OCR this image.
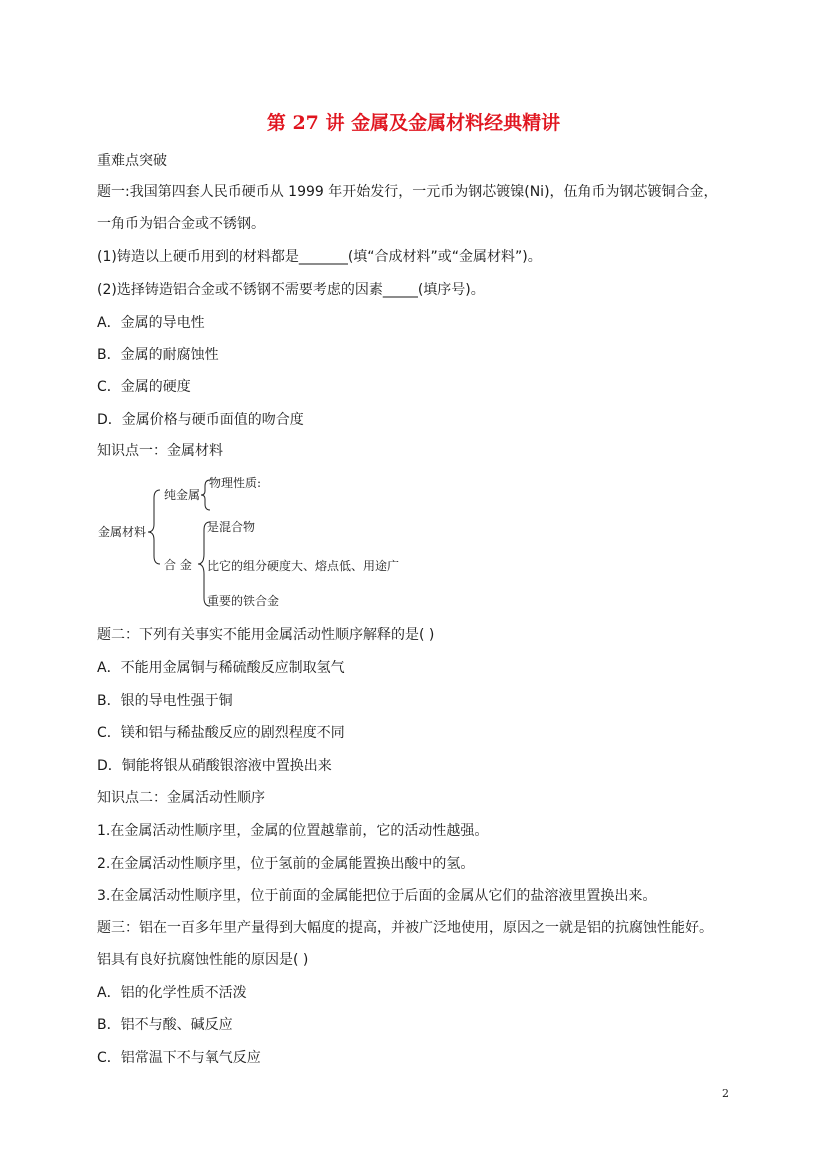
第 27 讲 金属及金属材料经典精讲
重难点突破
题一:我国第四套人民币硬币从 1999 年开始发行，一元币为钢芯镀镍(Ni)，伍角币为钢芯镀铜合金，
一角币为铝合金或不锈钢。
(1)铸造以上硬币用到的材料都是_______(填“合成材料”或“金属材料”)。
(2)选择铸造铝合金或不锈钢不需要考虑的因素_____(填序号)。
A．金属的导电性
B．金属的耐腐蚀性
C．金属的硬度
D．金属价格与硬币面值的吻合度
知识点一：金属材料
金属材料
纯金属
物理性质:
合 金
是混合物
比它的组分硬度大、熔点低、用途广
重要的铁合金
题二：下列有关事实不能用金属活动性顺序解释的是( )
A．不能用金属铜与稀硫酸反应制取氢气
B．银的导电性强于铜
C．镁和铝与稀盐酸反应的剧烈程度不同
D．铜能将银从硝酸银溶液中置换出来
知识点二：金属活动性顺序
1.在金属活动性顺序里，金属的位置越靠前，它的活动性越强。
2.在金属活动性顺序里，位于氢前的金属能置换出酸中的氢。
3.在金属活动性顺序里，位于前面的金属能把位于后面的金属从它们的盐溶液里置换出来。
题三：铝在一百多年里产量得到大幅度的提高，并被广泛地使用，原因之一就是铝的抗腐蚀性能好。
铝具有良好抗腐蚀性能的原因是( )
A．铝的化学性质不活泼
B．铝不与酸、碱反应
C．铝常温下不与氧气反应
2
